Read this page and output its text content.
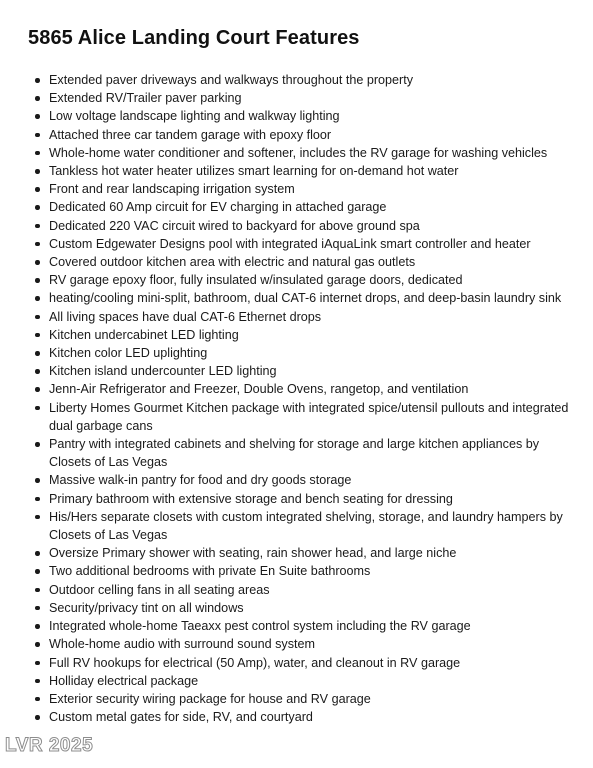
5865 Alice Landing Court Features
Extended paver driveways and walkways throughout the property
Extended RV/Trailer paver parking
Low voltage landscape lighting and walkway lighting
Attached three car tandem garage with epoxy floor
Whole-home water conditioner and softener, includes the RV garage for washing vehicles
Tankless hot water heater utilizes smart learning for on-demand hot water
Front and rear landscaping irrigation system
Dedicated 60 Amp circuit for EV charging in attached garage
Dedicated 220 VAC circuit wired to backyard for above ground spa
Custom Edgewater Designs pool with integrated iAquaLink smart controller and heater
Covered outdoor kitchen area with electric and natural gas outlets
RV garage epoxy floor, fully insulated w/insulated garage doors, dedicated
heating/cooling mini-split, bathroom, dual CAT-6 internet drops, and deep-basin laundry sink
All living spaces have dual CAT-6 Ethernet drops
Kitchen undercabinet LED lighting
Kitchen color LED uplighting
Kitchen island undercounter LED lighting
Jenn-Air Refrigerator and Freezer, Double Ovens, rangetop, and ventilation
Liberty Homes Gourmet Kitchen package with integrated spice/utensil pullouts and integrated dual garbage cans
Pantry with integrated cabinets and shelving for storage and large kitchen appliances by Closets of Las Vegas
Massive walk-in pantry for food and dry goods storage
Primary bathroom with extensive storage and bench seating for dressing
His/Hers separate closets with custom integrated shelving, storage, and laundry hampers by Closets of Las Vegas
Oversize Primary shower with seating, rain shower head, and large niche
Two additional bedrooms with private En Suite bathrooms
Outdoor celling fans in all seating areas
Security/privacy tint on all windows
Integrated whole-home Taeaxx pest control system including the RV garage
Whole-home audio with surround sound system
Full RV hookups for electrical (50 Amp), water, and cleanout in RV garage
Holliday electrical package
Exterior security wiring package for house and RV garage
Custom metal gates for side, RV, and courtyard
LVR 2025
